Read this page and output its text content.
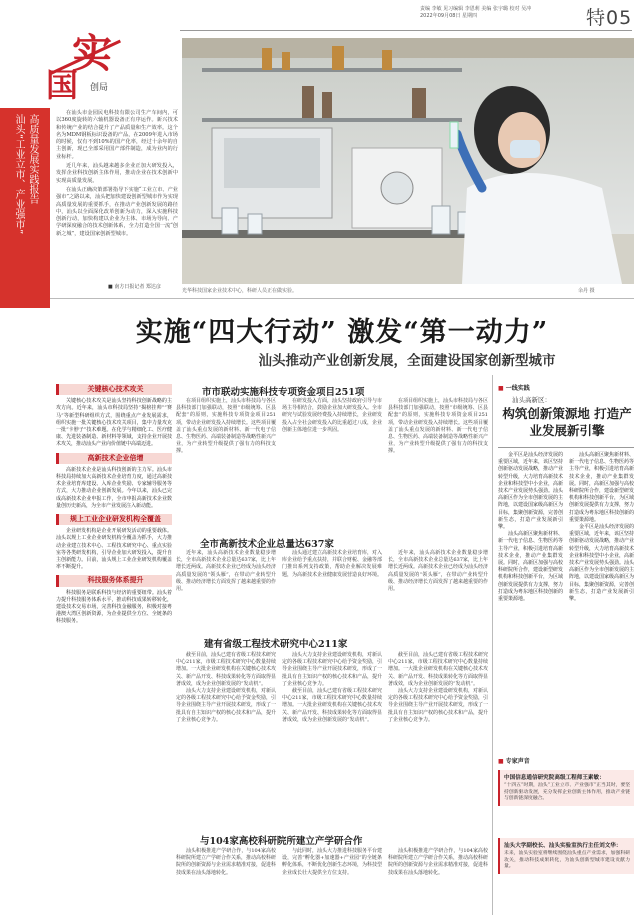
责编 李敏 见习编辑 李恩莉 美编 张宇璐 校对 吴冲
2022年09月08日 星期四	特05
实
国 创局
汕头“工业立市、产业强市” 高质量发展实践报告

在汕头市金园民电科技有限公司生产车间内，可以360度旋转的六轴机器设备正有序运作。新兴技术和传统产业的结合提升了产品质量和生产效率。这个名为MDM钢板标识设备的产品，在2009年进入市场的时候，仅有不到10%的国产化率，经过十余年的自主创新，现已全部采用国产部件制造，成为业内的行业标杆。

近几年来，汕头越来越多企业正加大研发投入，发挥企业科技创新主体作用，推动企业在技术创新中实现高质量发展。

在汕头正确决策部署指导下实施“工业立市、产业强市”之路以来，汕头把加快建设创新型城市作为实现高质量发展的重要抓手，在推动产业创新发展的路径中，汕头以全面深化改革创新为动力，深入实施科技创新行动，加快构建以企业为主体、市场为导向、产学研深度融合的技术创新体系，全力打造全国一流“创新之城”，建设国家创新型城市。

■ 南方日报记者 郑达彦
光华科技国家企业技术中心，科研人员正在做实验。	余丹 摄
实施“四大行动” 激发“第一动力”
汕头推动产业创新发展，全面建设国家创新型城市
关键核心技术攻关

关键核心技术攻关是汕头坚持科技创新战略的主攻方向。近年来，汕头市科技局坚持“揭榜挂帅”“赛马”等新型科研组织方式，围绕重点产业发展需求，组织实施一批关键核心技术攻关项目，集中力量攻克一批“卡脖子”技术难题。在化学与精细化工、医疗健康、先进装备制造、新材料等领域，支持企业开展技术攻关，推动汕头产业向价值链中高端迈进。

高新技术企业倍增

高新技术企业是汕头科技创新的主力军。汕头市科技局持续加大高新技术企业培育力度，通过高新技术企业培育库建设、入库企业奖励、专家辅导服务等方式，大力推动企业创新发展。今年以来，汕头已完成高新技术企业申报工作，全市申报高新技术企业数量创历史新高，为全市产业发展注入新动能。

规上工业企业研发机构全覆盖

企业研发机构是企业开展研发活动的重要载体。汕头以规上工业企业研发机构全覆盖为抓手，大力推动企业建立技术中心、工程技术研究中心、重点实验室等各类研发机构，引导企业加大研发投入，提升自主创新能力。目前，汕头规上工业企业研发机构覆盖率不断提升。

科技服务体系提升

科技服务是联系科技与经济的重要纽带。汕头着力提升科技服务体系水平，推动科技成果转移转化，建设技术交易市场，完善科技金融服务，积极对接粤港澳大湾区创新资源，为企业提供全方位、全链条的科技服务。

市市联动实施科技专项资金项目251项
全市高新技术企业总量达637家
建有省级工程技术研究中心211家
与104家高校科研院所建立产学研合作

在项目组织实施上，汕头市科技局与各区县科技部门加强联动，按照“市级统筹、区县配套”的原则，实施科技专项资金项目251项，带动企业研发投入持续增长。这些项目覆盖了汕头重点发展的新材料、新一代电子信息、生物医药、高端装备制造等战略性新兴产业，为产业转型升级提供了强有力的科技支撑。

在研发投入方面，汕头坚持政府引导与市场主导相结合，鼓励企业加大研发投入。全市研究与试验发展经费投入持续增长，企业研发投入占全社会研发投入的比重超过八成，企业创新主体地位进一步巩固。

在项目组织实施上，汕头市科技局与各区县科技部门加强联动，按照“市级统筹、区县配套”的原则，实施科技专项资金项目251项，带动企业研发投入持续增长。这些项目覆盖了汕头重点发展的新材料、新一代电子信息、生物医药、高端装备制造等战略性新兴产业，为产业转型升级提供了强有力的科技支撑。

近年来，汕头高新技术企业数量稳步增长，全市高新技术企业总量达637家，比上年增长近两成。高新技术企业已经成为汕头经济高质量发展的“领头雁”，在带动产业转型升级、推动经济增长方面发挥了越来越重要的作用。

汕头通过建立高新技术企业培育库，对入库企业给予重点扶持，并联合财税、金融等部门推出系列支持政策，帮助企业解决发展难题，为高新技术企业健康发展营造良好环境。

近年来，汕头高新技术企业数量稳步增长，全市高新技术企业总量达637家，比上年增长近两成。高新技术企业已经成为汕头经济高质量发展的“领头雁”，在带动产业转型升级、推动经济增长方面发挥了越来越重要的作用。

截至目前，汕头已建有省级工程技术研究中心211家，市级工程技术研究中心数量持续增加。一大批企业研发机构在关键核心技术攻关、新产品开发、科技成果转化等方面取得显著成效，成为企业创新发展的“发动机”。

汕头大力支持企业建设研发机构，对新认定的各级工程技术研究中心给予资金奖励，引导企业围绕主导产业开展技术研发，形成了一批具有自主知识产权的核心技术和产品，提升了企业核心竞争力。

汕头大力支持企业建设研发机构，对新认定的各级工程技术研究中心给予资金奖励，引导企业围绕主导产业开展技术研发，形成了一批具有自主知识产权的核心技术和产品，提升了企业核心竞争力。

截至目前，汕头已建有省级工程技术研究中心211家，市级工程技术研究中心数量持续增加。一大批企业研发机构在关键核心技术攻关、新产品开发、科技成果转化等方面取得显著成效，成为企业创新发展的“发动机”。

截至目前，汕头已建有省级工程技术研究中心211家，市级工程技术研究中心数量持续增加。一大批企业研发机构在关键核心技术攻关、新产品开发、科技成果转化等方面取得显著成效，成为企业创新发展的“发动机”。

汕头大力支持企业建设研发机构，对新认定的各级工程技术研究中心给予资金奖励，引导企业围绕主导产业开展技术研发，形成了一批具有自主知识产权的核心技术和产品，提升了企业核心竞争力。

汕头积极推进产学研合作，与104家高校科研院所建立产学研合作关系，推动高校科研院所的创新资源与企业需求精准对接，促进科技成果在汕头落地转化。

与此同时，汕头大力推进科技服务平台建设，完善“孵化器+加速器+产业园”的全链条孵化体系，不断优化创新生态环境，为科技型企业成长壮大提供全方位支持。

汕头积极推进产学研合作，与104家高校科研院所建立产学研合作关系，推动高校科研院所的创新资源与企业需求精准对接，促进科技成果在汕头落地转化。

■ 一线实践
汕头高新区：
构筑创新策源地 打造产业发展新引擎

金平区是汕头经济发展的重要区域，近年来，该区坚持创新驱动发展战略，推动产业转型升级，大力培育高新技术企业和科技型中小企业，高新技术产业发展势头强劲。汕头高新区作为全市创新发展的主阵地，以建设国家级高新区为目标，集聚创新资源，完善创新生态，打造产业发展新引擎。

汕头高新区聚焦新材料、新一代电子信息、生物医药等主导产业，积极引进培育高新技术企业，推动产业集群发展。同时，高新区加强与高校科研院所合作，建设新型研发机构和科技创新平台，为区域创新发展提供有力支撑，努力打造成为粤东地区科技创新的重要策源地。

汕头高新区聚焦新材料、新一代电子信息、生物医药等主导产业，积极引进培育高新技术企业，推动产业集群发展。同时，高新区加强与高校科研院所合作，建设新型研发机构和科技创新平台，为区域创新发展提供有力支撑，努力打造成为粤东地区科技创新的重要策源地。

金平区是汕头经济发展的重要区域，近年来，该区坚持创新驱动发展战略，推动产业转型升级，大力培育高新技术企业和科技型中小企业，高新技术产业发展势头强劲。汕头高新区作为全市创新发展的主阵地，以建设国家级高新区为目标，集聚创新资源，完善创新生态，打造产业发展新引擎。

■ 专家声音
中国信息通信研究院高级工程师王素敏：
“十四五”时期，汕头“工业立市、产业强市”正当其时，要坚持创新驱动发展，充分发挥企业创新主体作用，推动产业链与创新链深度融合。
汕头大学副校长、汕头实验室执行主任刘文华：
未来，汕头实验室将继续围绕汕头重点产业需求，加强科研攻关，推动科技成果转化，为汕头创新型城市建设贡献力量。
